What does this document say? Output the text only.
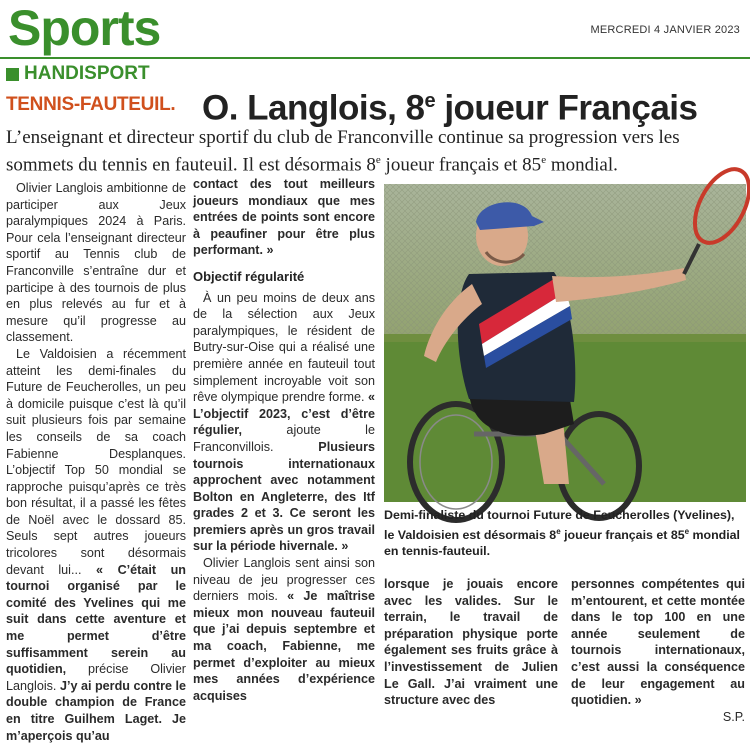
Sports	MERCREDI 4 JANVIER 2023
HANDISPORT
TENNIS-FAUTEUIL. O. Langlois, 8e joueur Français

L’enseignant et directeur sportif du club de Franconville continue sa progression vers les sommets du tennis en fauteuil. Il est désormais 8e joueur français et 85e mondial.

Olivier Langlois ambitionne de participer aux Jeux paralympiques 2024 à Paris. Pour cela l’enseignant directeur sportif au Tennis club de Franconville s’entraîne dur et participe à des tournois de plus en plus relevés au fur et à mesure qu’il progresse au classement.

Le Valdoisien a récemment atteint les demi-finales du Future de Feucherolles, un peu à domicile puisque c’est là qu’il suit plusieurs fois par semaine les conseils de sa coach Fabienne Desplanques. L’objectif Top 50 mondial se rapproche puisqu’après ce très bon résultat, il a passé les fêtes de Noël avec le dossard 85. Seuls sept autres joueurs tricolores sont désormais devant lui... « C’était un tournoi organisé par le comité des Yvelines qui me suit dans cette aventure et me permet d’être suffisamment serein au quotidien, précise Olivier Langlois. J’y ai perdu contre le double champion de France en titre Guilhem Laget. Je m’aperçois qu’au

contact des tout meilleurs joueurs mondiaux que mes entrées de points sont encore à peaufiner pour être plus performant. »

Objectif régularité

À un peu moins de deux ans de la sélection aux Jeux paralympiques, le résident de Butry-sur-Oise qui a réalisé une première année en fauteuil tout simplement incroyable voit son rêve olympique prendre forme. « L’objectif 2023, c’est d’être régulier, ajoute le Franconvillois. Plusieurs tournois internationaux approchent avec notamment Bolton en Angleterre, des Itf grades 2 et 3. Ce seront les premiers après un gros travail sur la période hivernale. »

Olivier Langlois sent ainsi son niveau de jeu progresser ces derniers mois. « Je maîtrise mieux mon nouveau fauteuil que j’ai depuis septembre et ma coach, Fabienne, me permet d’exploiter au mieux mes années d’expérience acquises

Demi-finaliste du tournoi Future de Feucherolles (Yvelines), le Valdoisien est désormais 8e joueur français et 85e mondial en tennis-fauteuil.

lorsque je jouais encore avec les valides. Sur le terrain, le travail de préparation physique porte également ses fruits grâce à l’investissement de Julien Le Gall. J’ai vraiment une structure avec des

personnes compétentes qui m’entourent, et cette montée dans le top 100 en une année seulement de tournois internationaux, c’est aussi la conséquence de leur engagement au quotidien. »

S.P.
